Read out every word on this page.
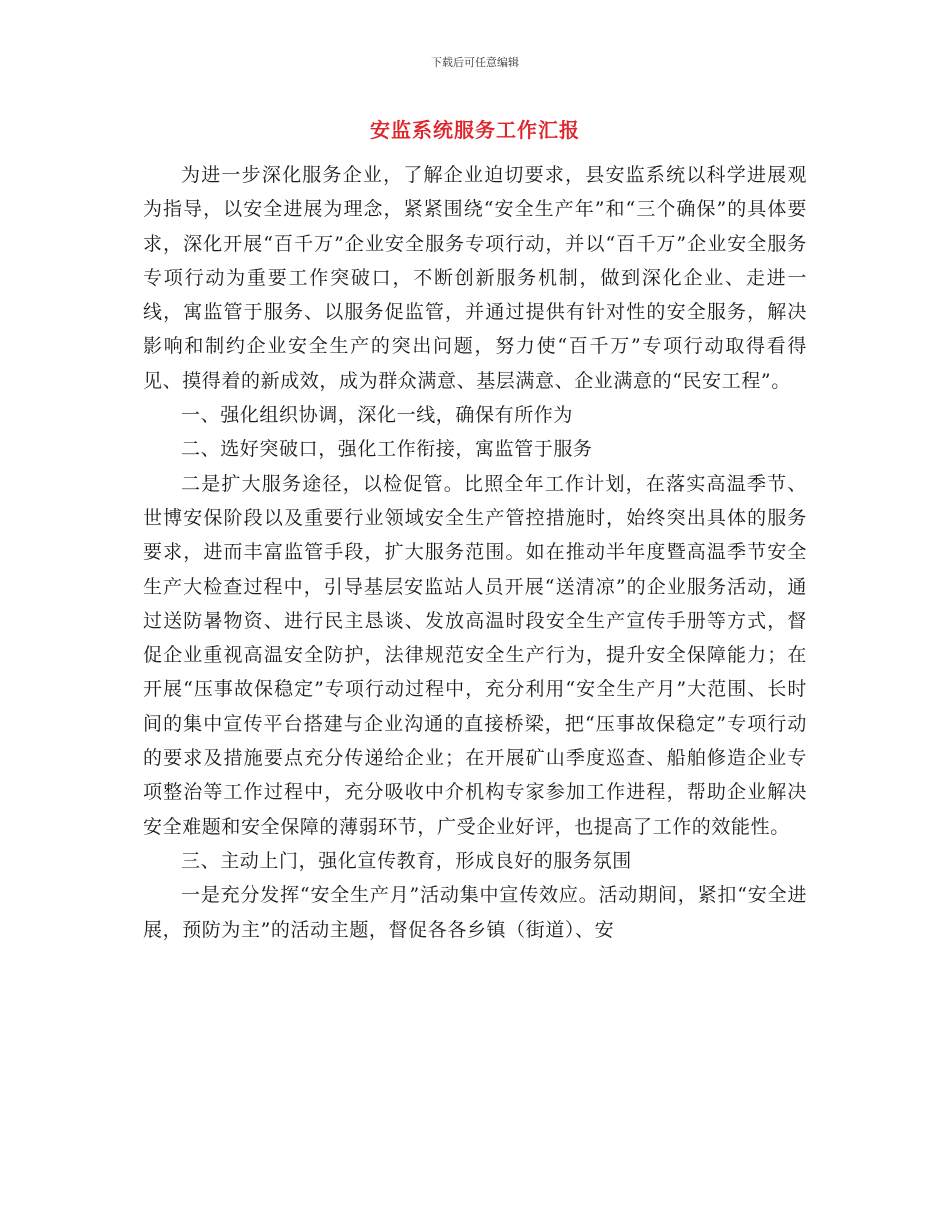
下载后可任意编辑
安监系统服务工作汇报

为进一步深化服务企业，了解企业迫切要求，县安监系统以科学进展观为指导，以安全进展为理念，紧紧围绕“安全生产年”和“三个确保”的具体要求，深化开展“百千万”企业安全服务专项行动，并以“百千万”企业安全服务专项行动为重要工作突破口，不断创新服务机制，做到深化企业、走进一线，寓监管于服务、以服务促监管，并通过提供有针对性的安全服务，解决影响和制约企业安全生产的突出问题，努力使“百千万”专项行动取得看得见、摸得着的新成效，成为群众满意、基层满意、企业满意的“民安工程”。

一、强化组织协调，深化一线，确保有所作为

二、选好突破口，强化工作衔接，寓监管于服务

二是扩大服务途径，以检促管。比照全年工作计划，在落实高温季节、世博安保阶段以及重要行业领域安全生产管控措施时，始终突出具体的服务要求，进而丰富监管手段，扩大服务范围。如在推动半年度暨高温季节安全生产大检查过程中，引导基层安监站人员开展“送清凉”的企业服务活动，通过送防暑物资、进行民主恳谈、发放高温时段安全生产宣传手册等方式，督促企业重视高温安全防护，法律规范安全生产行为，提升安全保障能力；在开展“压事故保稳定”专项行动过程中，充分利用“安全生产月”大范围、长时间的集中宣传平台搭建与企业沟通的直接桥梁，把“压事故保稳定”专项行动的要求及措施要点充分传递给企业；在开展矿山季度巡查、船舶修造企业专项整治等工作过程中，充分吸收中介机构专家参加工作进程，帮助企业解决安全难题和安全保障的薄弱环节，广受企业好评，也提高了工作的效能性。

三、主动上门，强化宣传教育，形成良好的服务氛围

一是充分发挥“安全生产月”活动集中宣传效应。活动期间，紧扣“安全进展，预防为主”的活动主题，督促各各乡镇（街道）、安
